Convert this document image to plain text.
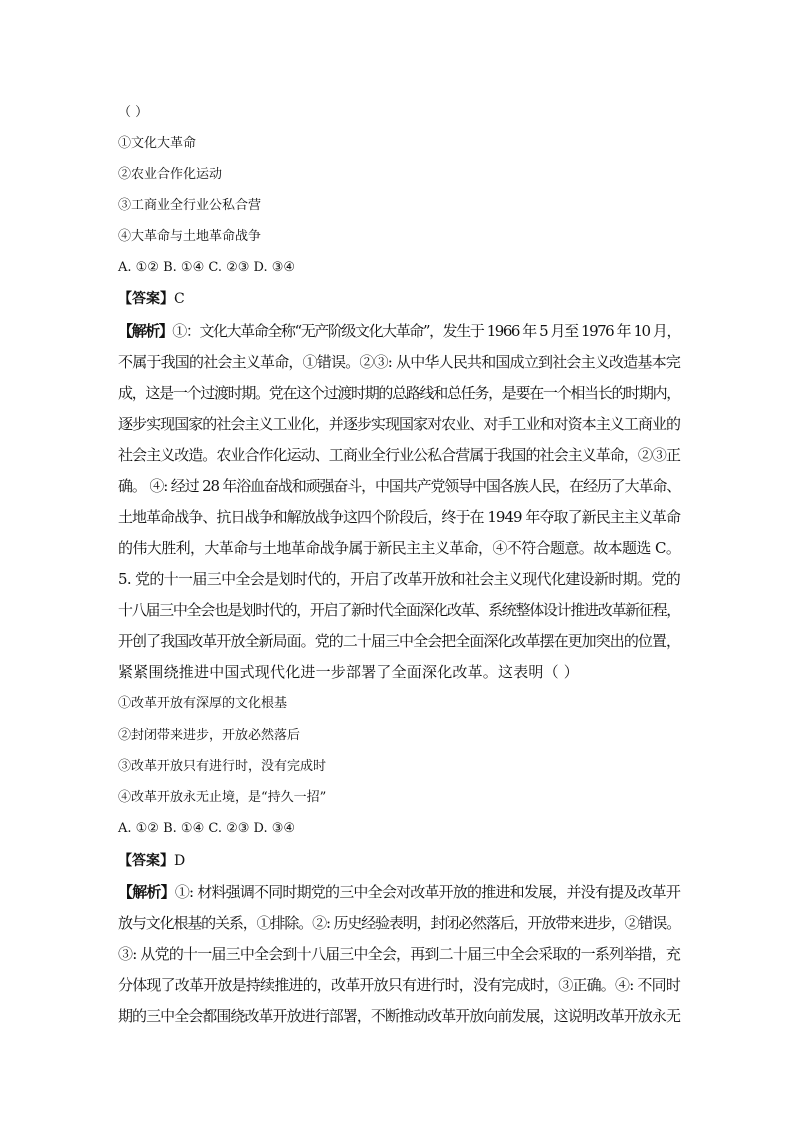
（ ）
①文化大革命
②农业合作化运动
③工商业全行业公私合营
④大革命与土地革命战争
A. ①② B. ①④ C. ②③ D. ③④
【答案】C
【解析】①：文化大革命全称“无产阶级文化大革命”，发生于 1966 年 5 月至 1976 年 10 月，
不属于我国的社会主义革命，①错误。②③: 从中华人民共和国成立到社会主义改造基本完
成，这是一个过渡时期。党在这个过渡时期的总路线和总任务，是要在一个相当长的时期内，
逐步实现国家的社会主义工业化，并逐步实现国家对农业、对手工业和对资本主义工商业的
社会主义改造。农业合作化运动、工商业全行业公私合营属于我国的社会主义革命，②③正
确。 ④: 经过 28 年浴血奋战和顽强奋斗，中国共产党领导中国各族人民，在经历了大革命、
土地革命战争、抗日战争和解放战争这四个阶段后，终于在 1949 年夺取了新民主主义革命
的伟大胜利，大革命与土地革命战争属于新民主主义革命，④不符合题意。故本题选 C。
5. 党的十一届三中全会是划时代的，开启了改革开放和社会主义现代化建设新时期。党的
十八届三中全会也是划时代的，开启了新时代全面深化改革、系统整体设计推进改革新征程，
开创了我国改革开放全新局面。党的二十届三中全会把全面深化改革摆在更加突出的位置，
紧紧围绕推进中国式现代化进一步部署了全面深化改革。这表明（ ）
①改革开放有深厚的文化根基
②封闭带来进步，开放必然落后
③改革开放只有进行时，没有完成时
④改革开放永无止境，是“持久一招”
A. ①② B. ①④ C. ②③ D. ③④
【答案】D
【解析】①: 材料强调不同时期党的三中全会对改革开放的推进和发展，并没有提及改革开
放与文化根基的关系，①排除。②: 历史经验表明，封闭必然落后，开放带来进步，②错误。
③: 从党的十一届三中全会到十八届三中全会，再到二十届三中全会采取的一系列举措，充
分体现了改革开放是持续推进的，改革开放只有进行时，没有完成时，③正确。④: 不同时
期的三中全会都围绕改革开放进行部署，不断推动改革开放向前发展，这说明改革开放永无
